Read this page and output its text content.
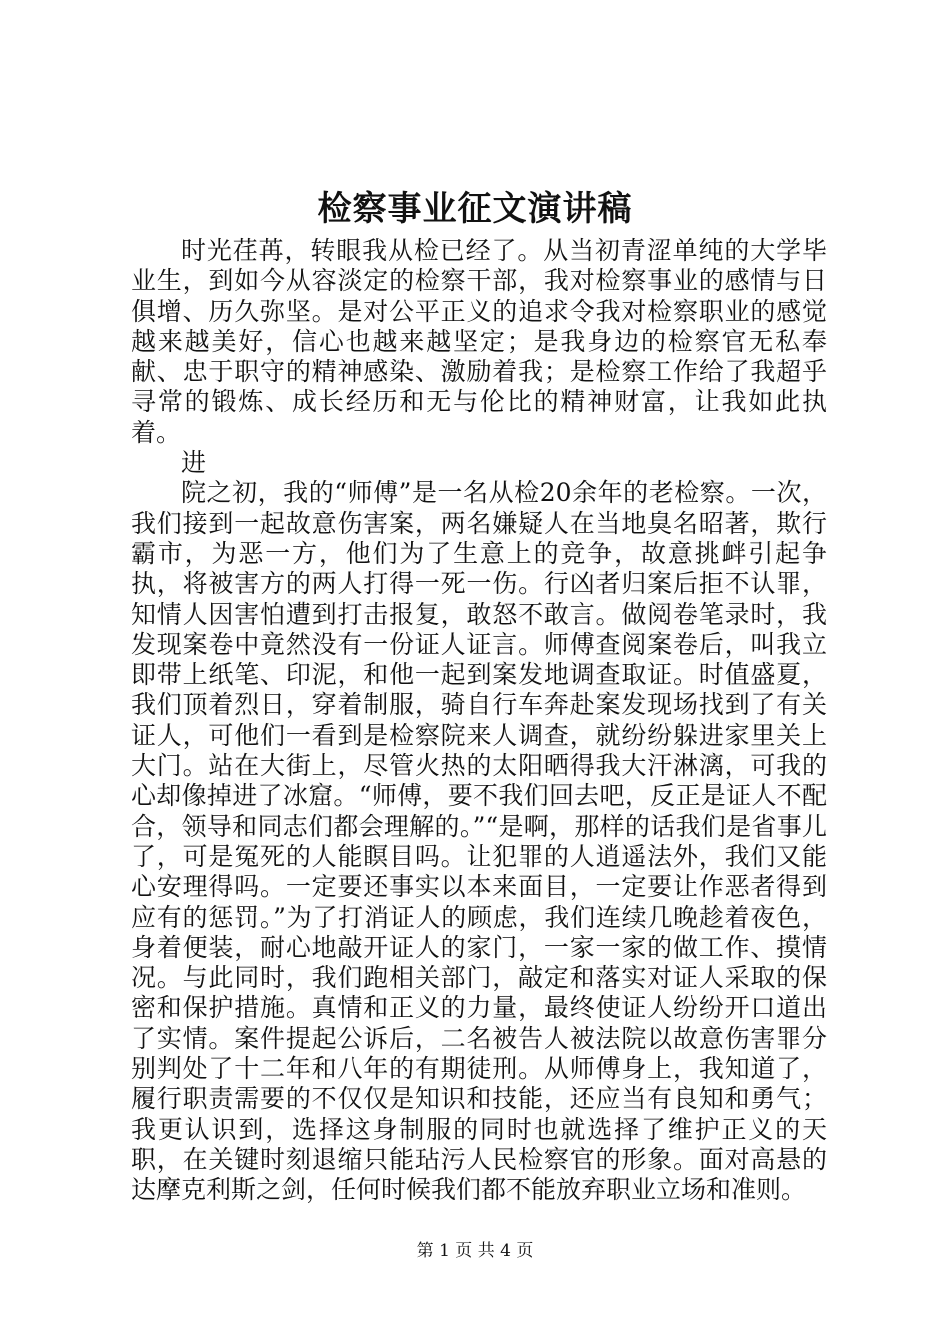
检察事业征文演讲稿

时光荏苒，转眼我从检已经了。从当初青涩单纯的大学毕业生，到如今从容淡定的检察干部，我对检察事业的感情与日俱增、历久弥坚。是对公平正义的追求令我对检察职业的感觉越来越美好，信心也越来越坚定；是我身边的检察官无私奉献、忠于职守的精神感染、激励着我；是检察工作给了我超乎寻常的锻炼、成长经历和无与伦比的精神财富，让我如此执着。

进

院之初，我的“师傅”是一名从检20余年的老检察。一次，我们接到一起故意伤害案，两名嫌疑人在当地臭名昭著，欺行霸市，为恶一方，他们为了生意上的竞争，故意挑衅引起争执，将被害方的两人打得一死一伤。行凶者归案后拒不认罪，知情人因害怕遭到打击报复，敢怒不敢言。做阅卷笔录时，我发现案卷中竟然没有一份证人证言。师傅查阅案卷后，叫我立即带上纸笔、印泥，和他一起到案发地调查取证。时值盛夏，我们顶着烈日，穿着制服，骑自行车奔赴案发现场找到了有关证人，可他们一看到是检察院来人调查，就纷纷躲进家里关上大门。站在大街上，尽管火热的太阳晒得我大汗淋漓，可我的心却像掉进了冰窟。“师傅，要不我们回去吧，反正是证人不配合，领导和同志们都会理解的。”“是啊，那样的话我们是省事儿了，可是冤死的人能瞑目吗。让犯罪的人逍遥法外，我们又能心安理得吗。一定要还事实以本来面目，一定要让作恶者得到应有的惩罚。”为了打消证人的顾虑，我们连续几晚趁着夜色，身着便装，耐心地敲开证人的家门，一家一家的做工作、摸情况。与此同时，我们跑相关部门，敲定和落实对证人采取的保密和保护措施。真情和正义的力量，最终使证人纷纷开口道出了实情。案件提起公诉后，二名被告人被法院以故意伤害罪分别判处了十二年和八年的有期徒刑。从师傅身上，我知道了，履行职责需要的不仅仅是知识和技能，还应当有良知和勇气；我更认识到，选择这身制服的同时也就选择了维护正义的天职，在关键时刻退缩只能玷污人民检察官的形象。面对高悬的达摩克利斯之剑，任何时候我们都不能放弃职业立场和准则。

第 1 页 共 4 页
